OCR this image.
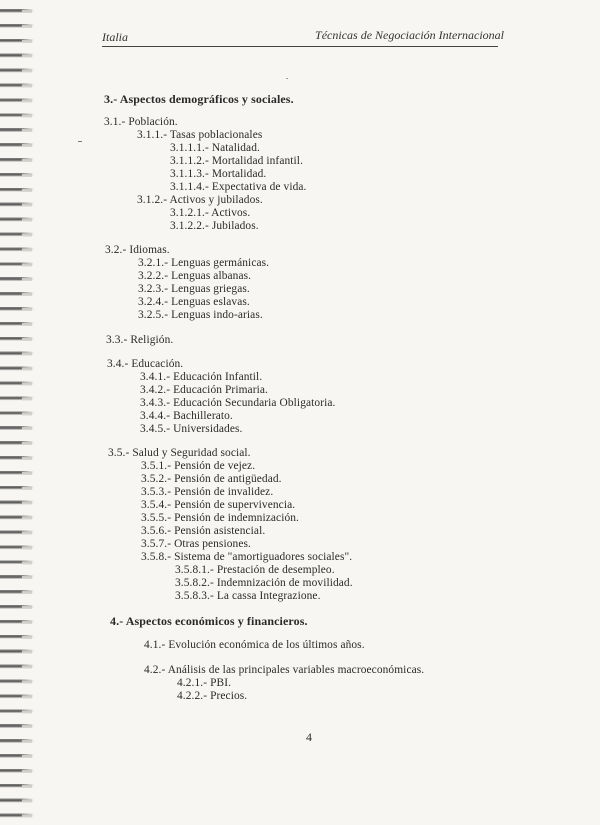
Italia	Técnicas de Negociación Internacional
3.- Aspectos demográficos y sociales.
3.1.- Población.
3.1.1.- Tasas poblacionales
3.1.1.1.- Natalidad.
3.1.1.2.- Mortalidad infantil.
3.1.1.3.- Mortalidad.
3.1.1.4.- Expectativa de vida.
3.1.2.- Activos y jubilados.
3.1.2.1.- Activos.
3.1.2.2.- Jubilados.
3.2.- Idiomas.
3.2.1.- Lenguas germánicas.
3.2.2.- Lenguas albanas.
3.2.3.- Lenguas griegas.
3.2.4.- Lenguas eslavas.
3.2.5.- Lenguas indo-arias.
3.3.- Religión.
3.4.- Educación.
3.4.1.- Educación Infantil.
3.4.2.- Educación Primaria.
3.4.3.- Educación Secundaria Obligatoria.
3.4.4.- Bachillerato.
3.4.5.- Universidades.
3.5.- Salud y Seguridad social.
3.5.1.- Pensión de vejez.
3.5.2.- Pensión de antigüedad.
3.5.3.- Pensión de invalidez.
3.5.4.- Pensión de supervivencia.
3.5.5.- Pensión de indemnización.
3.5.6.- Pensión asistencial.
3.5.7.- Otras pensiones.
3.5.8.- Sistema de "amortiguadores sociales".
3.5.8.1.- Prestación de desempleo.
3.5.8.2.- Indemnización de movilidad.
3.5.8.3.- La cassa Integrazione.
4.- Aspectos económicos y financieros.
4.1.- Evolución económica de los últimos años.
4.2.- Análisis de las principales variables macroeconómicas.
4.2.1.- PBI.
4.2.2.- Precios.
4
